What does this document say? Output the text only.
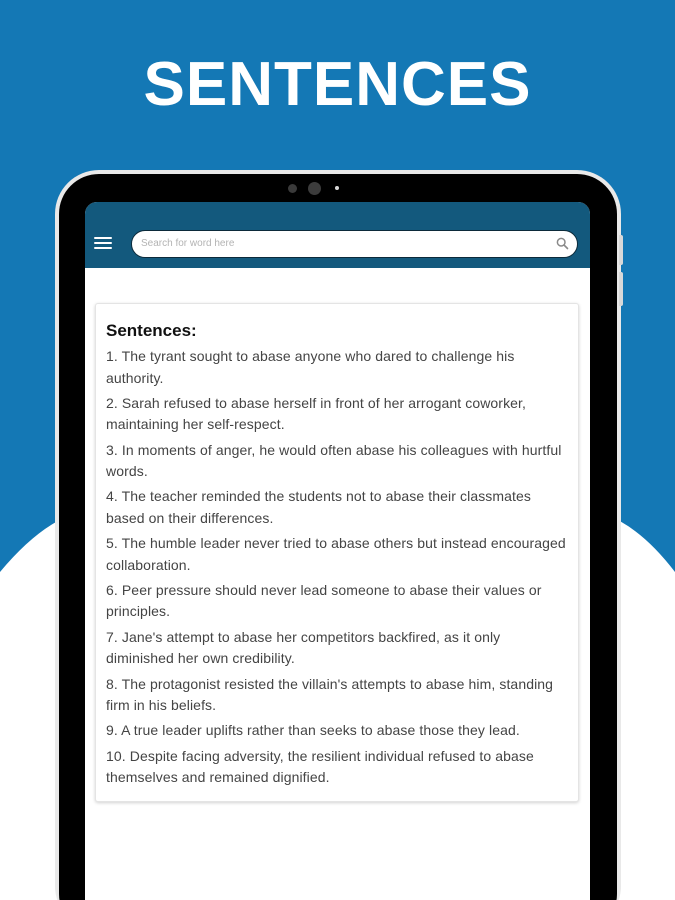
SENTENCES
Search for word here
Sentences:
1. The tyrant sought to abase anyone who dared to challenge his authority.
2. Sarah refused to abase herself in front of her arrogant coworker, maintaining her self-respect.
3. In moments of anger, he would often abase his colleagues with hurtful words.
4. The teacher reminded the students not to abase their classmates based on their differences.
5. The humble leader never tried to abase others but instead encouraged collaboration.
6. Peer pressure should never lead someone to abase their values or principles.
7. Jane's attempt to abase her competitors backfired, as it only diminished her own credibility.
8. The protagonist resisted the villain's attempts to abase him, standing firm in his beliefs.
9. A true leader uplifts rather than seeks to abase those they lead.
10. Despite facing adversity, the resilient individual refused to abase themselves and remained dignified.
